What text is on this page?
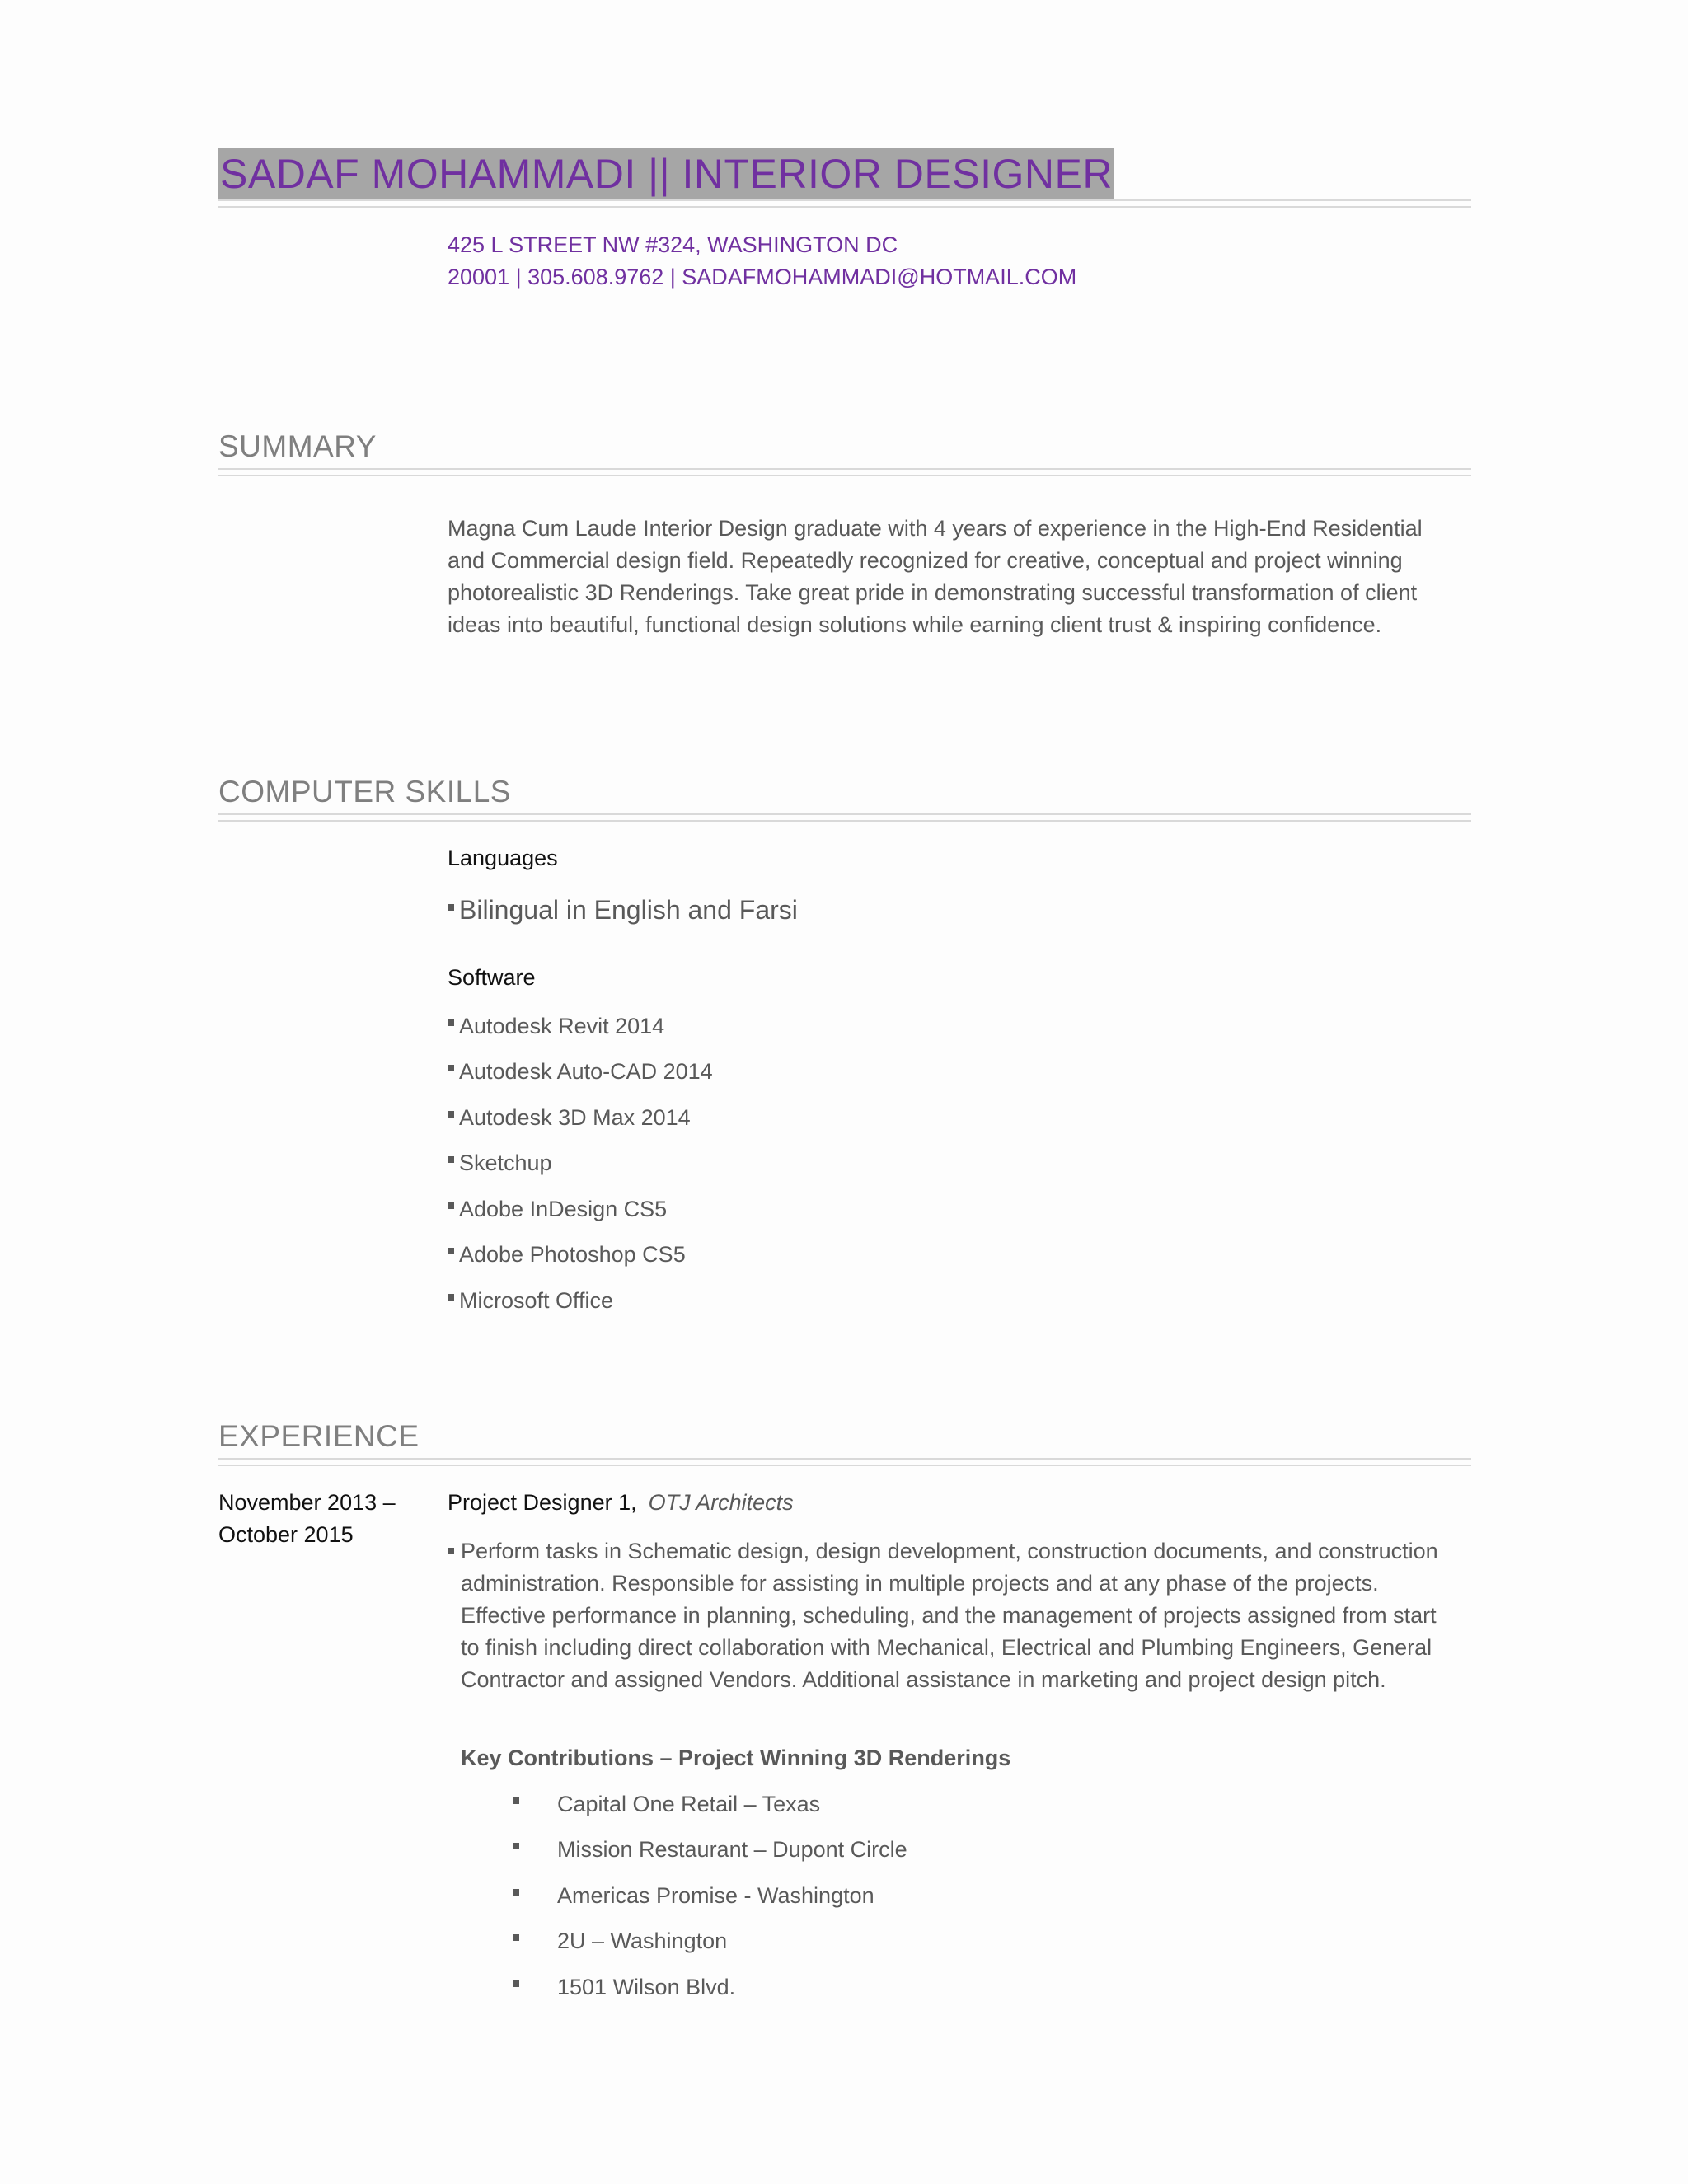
SADAF MOHAMMADI || INTERIOR DESIGNER
425 L STREET NW #324, WASHINGTON DC
20001 | 305.608.9762 | SADAFMOHAMMADI@HOTMAIL.COM
SUMMARY
Magna Cum Laude Interior Design graduate with 4 years of experience in the High-End Residential and Commercial design field. Repeatedly recognized for creative, conceptual and project winning photorealistic 3D Renderings. Take great pride in demonstrating successful transformation of client ideas into beautiful, functional design solutions while earning client trust & inspiring confidence.
COMPUTER SKILLS
Languages
Bilingual in English and Farsi
Software
Autodesk Revit 2014
Autodesk Auto-CAD 2014
Autodesk 3D Max 2014
Sketchup
Adobe InDesign CS5
Adobe Photoshop CS5
Microsoft Office
EXPERIENCE
November 2013 – October 2015
Project Designer 1, OTJ Architects
Perform tasks in Schematic design, design development, construction documents, and construction administration. Responsible for assisting in multiple projects and at any phase of the projects. Effective performance in planning, scheduling, and the management of projects assigned from start to finish including direct collaboration with Mechanical, Electrical and Plumbing Engineers, General Contractor and assigned Vendors. Additional assistance in marketing and project design pitch.
Key Contributions – Project Winning 3D Renderings
Capital One Retail – Texas
Mission Restaurant – Dupont Circle
Americas Promise - Washington
2U – Washington
1501 Wilson Blvd.
